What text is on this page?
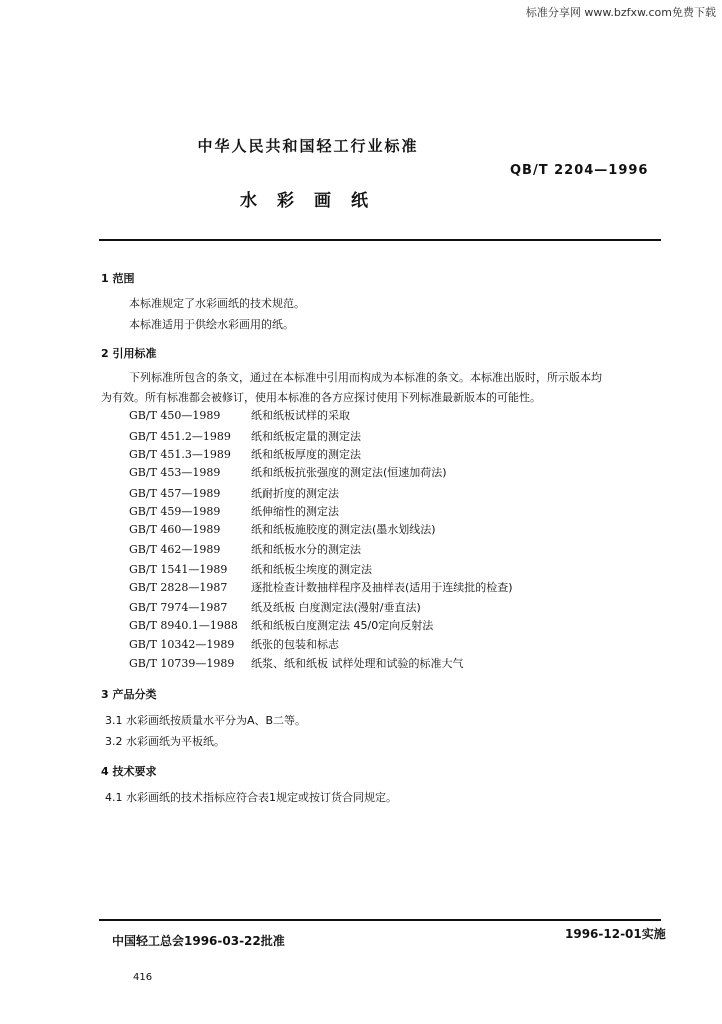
标准分享网 www.bzfxw.com免费下载
中华人民共和国轻工行业标准
QB/T 2204—1996
水彩画纸
1 范围
本标准规定了水彩画纸的技术规范。
本标准适用于供绘水彩画用的纸。
2 引用标准
下列标准所包含的条文，通过在本标准中引用而构成为本标准的条文。本标准出版时，所示版本均
为有效。所有标准都会被修订，使用本标准的各方应探讨使用下列标准最新版本的可能性。
GB/T 450—1989	纸和纸板试样的采取
GB/T 451.2—1989 纸和纸板定量的测定法
GB/T 451.3—1989 纸和纸板厚度的测定法
GB/T 453—1989	纸和纸板抗张强度的测定法(恒速加荷法)
GB/T 457—1989	纸耐折度的测定法
GB/T 459—1989	纸伸缩性的测定法
GB/T 460—1989	纸和纸板施胶度的测定法(墨水划线法)
GB/T 462—1989	纸和纸板水分的测定法
GB/T 1541—1989 纸和纸板尘埃度的测定法
GB/T 2828—1987 逐批检查计数抽样程序及抽样表(适用于连续批的检查)
GB/T 7974—1987 纸及纸板 白度测定法(漫射/垂直法)
GB/T 8940.1—1988 纸和纸板白度测定法 45/0定向反射法
GB/T 10342—1989 纸张的包装和标志
GB/T 10739—1989 纸浆、纸和纸板 试样处理和试验的标准大气
3 产品分类
3.1 水彩画纸按质量水平分为A、B二等。
3.2 水彩画纸为平板纸。
4 技术要求
4.1 水彩画纸的技术指标应符合表1规定或按订货合同规定。
中国轻工总会1996-03-22批准	1996-12-01实施
416
